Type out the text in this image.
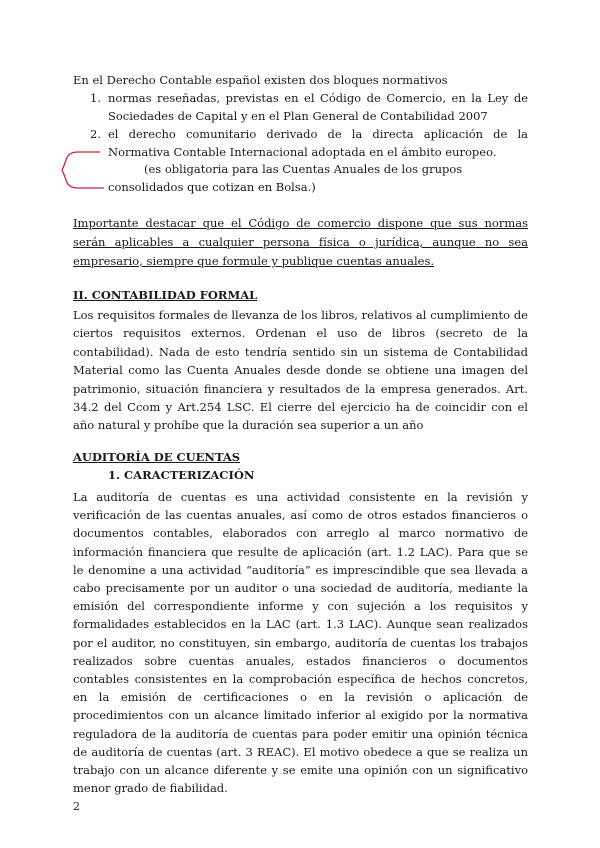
En el Derecho Contable español existen dos bloques normativos
1. normas reseñadas, previstas en el Código de Comercio, en la Ley de Sociedades de Capital y en el Plan General de Contabilidad 2007
2. el derecho comunitario derivado de la directa aplicación de la Normativa Contable Internacional adoptada en el ámbito europeo.
(es obligatoria para las Cuentas Anuales de los grupos consolidados que cotizan en Bolsa.)
Importante destacar que el Código de comercio dispone que sus normas serán aplicables a cualquier persona física o jurídica, aunque no sea empresario, siempre que formule y publique cuentas anuales.
II. CONTABILIDAD FORMAL
Los requisitos formales de llevanza de los libros, relativos al cumplimiento de ciertos requisitos externos. Ordenan el uso de libros (secreto de la contabilidad). Nada de esto tendría sentido sin un sistema de Contabilidad Material como las Cuenta Anuales desde donde se obtiene una imagen del patrimonio, situación financiera y resultados de la empresa generados. Art. 34.2 del Ccom y Art.254 LSC. El cierre del ejercicio ha de coincidir con el año natural y prohíbe que la duración sea superior a un año
AUDITORÍA DE CUENTAS
1. CARACTERIZACIÓN
La auditoría de cuentas es una actividad consistente en la revisión y verificación de las cuentas anuales, así como de otros estados financieros o documentos contables, elaborados con arreglo al marco normativo de información financiera que resulte de aplicación (art. 1.2 LAC). Para que se le denomine a una actividad “auditoría” es imprescindible que sea llevada a cabo precisamente por un auditor o una sociedad de auditoría, mediante la emisión del correspondiente informe y con sujeción a los requisitos y formalidades establecidos en la LAC (art. 1.3 LAC). Aunque sean realizados por el auditor, no constituyen, sin embargo, auditoría de cuentas los trabajos realizados sobre cuentas anuales, estados financieros o documentos contables consistentes en la comprobación específica de hechos concretos, en la emisión de certificaciones o en la revisión o aplicación de procedimientos con un alcance limitado inferior al exigido por la normativa reguladora de la auditoría de cuentas para poder emitir una opinión técnica de auditoría de cuentas (art. 3 REAC). El motivo obedece a que se realiza un trabajo con un alcance diferente y se emite una opinión con un significativo menor grado de fiabilidad.
2
